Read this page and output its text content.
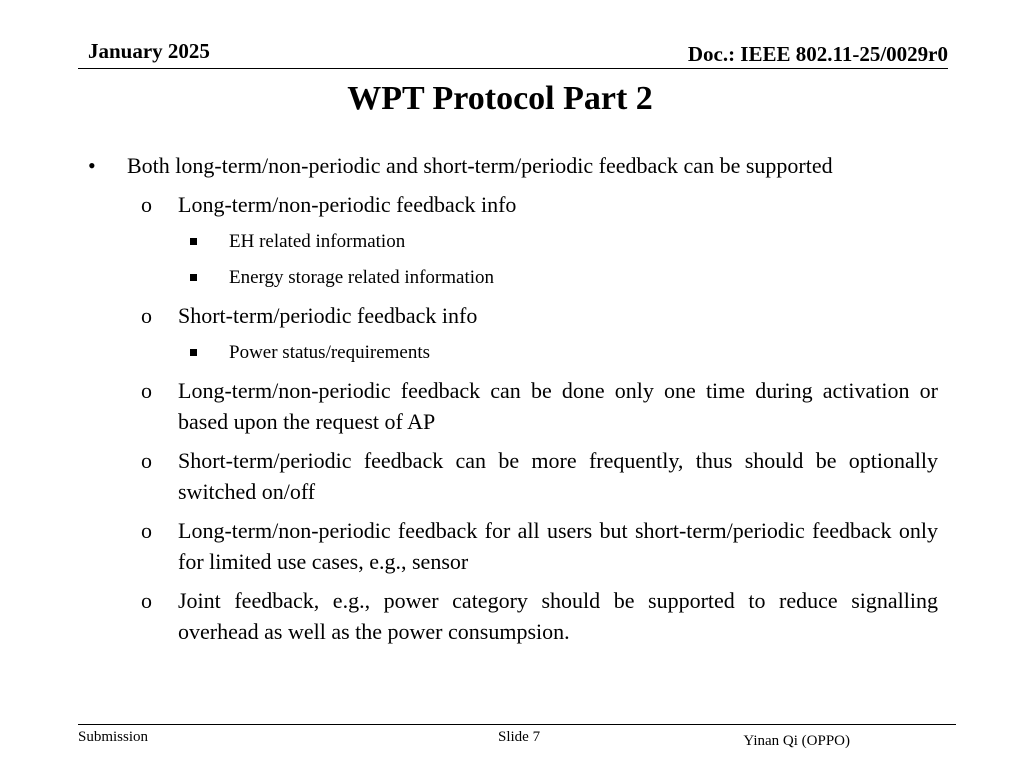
January 2025	Doc.: IEEE 802.11-25/0029r0
WPT Protocol Part 2
• Both long-term/non-periodic and short-term/periodic feedback can be supported
o Long-term/non-periodic feedback info
EH related information
Energy storage related information
o Short-term/periodic feedback info
Power status/requirements
o Long-term/non-periodic feedback can be done only one time during activation or based upon the request of AP
o Short-term/periodic feedback can be more frequently, thus should be optionally switched on/off
o Long-term/non-periodic feedback for all users but short-term/periodic feedback only for limited use cases, e.g., sensor
o Joint feedback, e.g., power category should be supported to reduce signalling overhead as well as the power consumpsion.
Submission	Slide 7	Yinan Qi (OPPO)
